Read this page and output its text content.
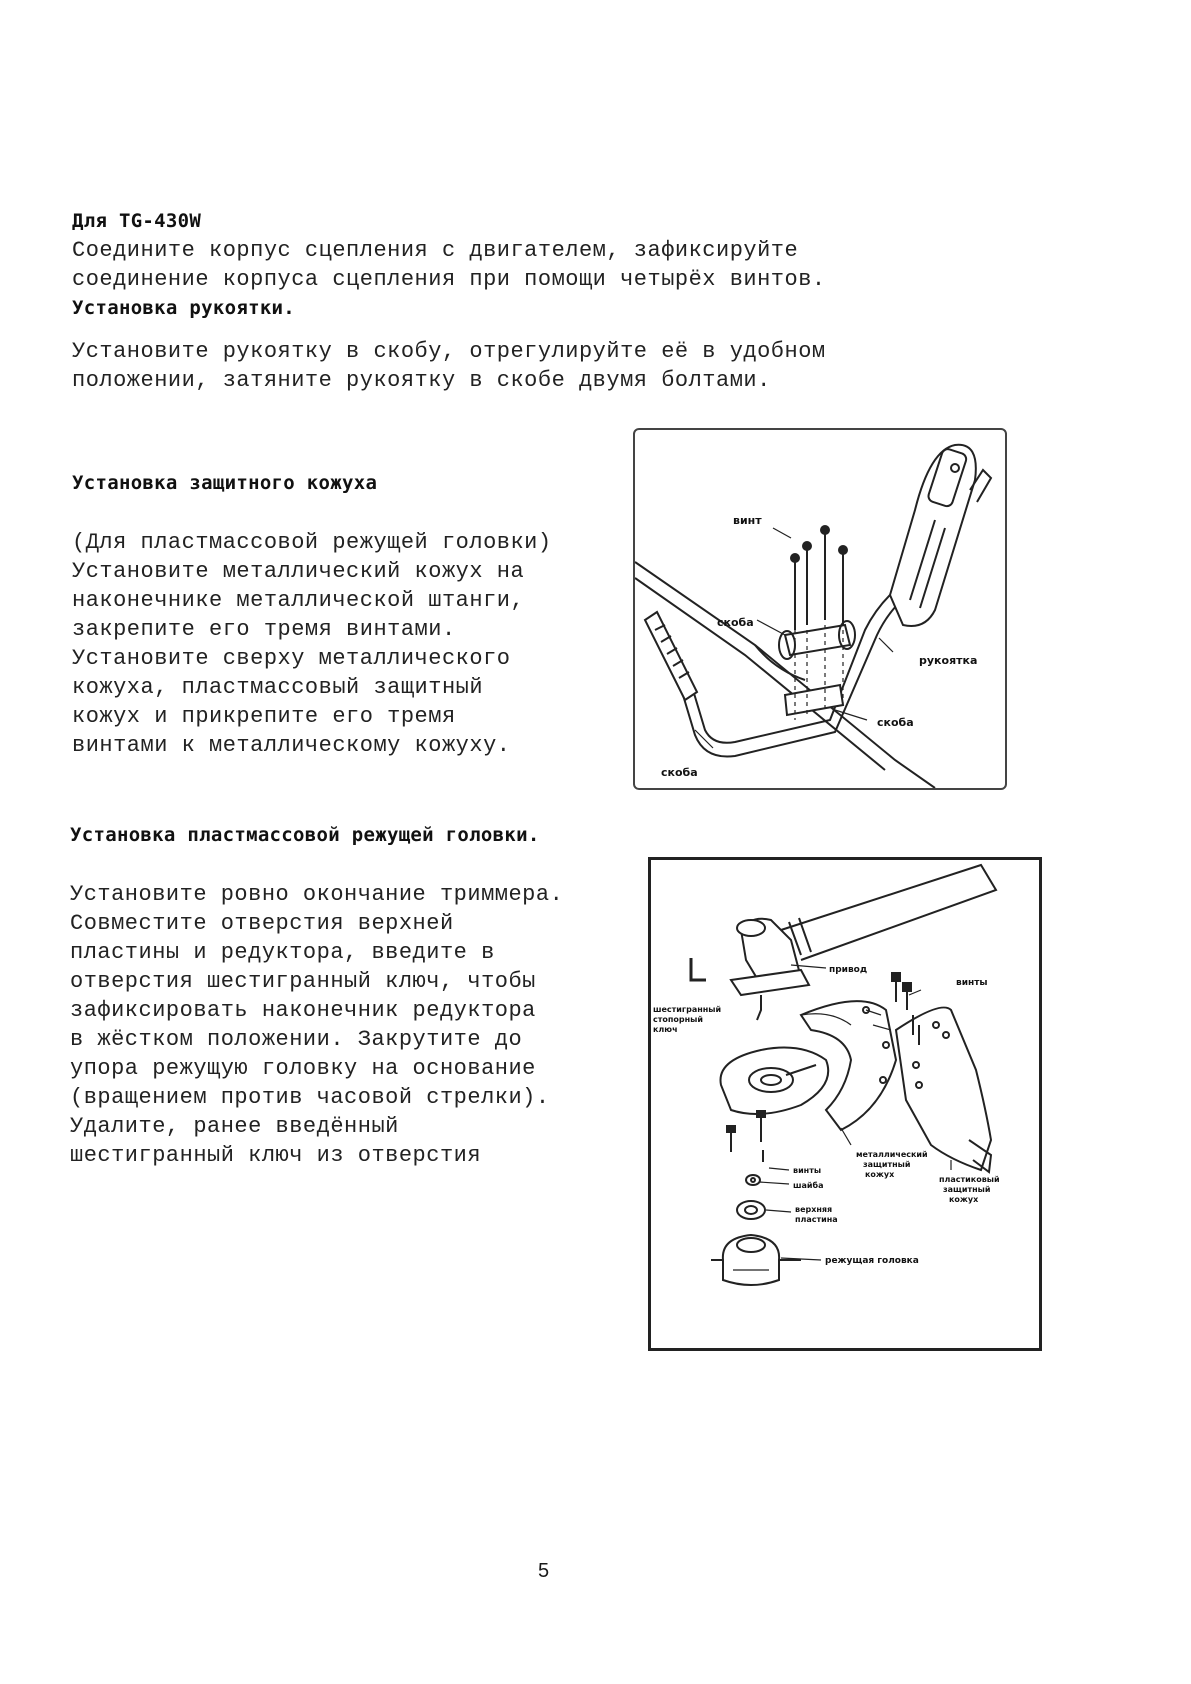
Для TG-430W
Соедините корпус сцепления с двигателем, зафиксируйте
соединение корпуса сцепления при помощи четырёх винтов.
Установка рукоятки.
Установите рукоятку в скобу, отрегулируйте её в удобном
положении, затяните рукоятку в скобе двумя болтами.
Установка защитного кожуха
(Для пластмассовой режущей головки)
Установите металлический кожух на
наконечнике металлической штанги,
закрепите его тремя винтами.
Установите сверху металлического
кожуха, пластмассовый защитный
кожух и прикрепите его тремя
винтами к металлическому кожуху.
винт
скоба
рукоятка
скоба
скоба
Установка пластмассовой режущей головки.
Установите ровно окончание триммера.
Совместите отверстия верхней
пластины и редуктора, введите в
отверстия шестигранный ключ, чтобы
зафиксировать наконечник редуктора
в жёстком положении. Закрутите до
упора режущую головку на основание
(вращением против часовой стрелки).
Удалите, ранее введённый
шестигранный ключ из отверстия
привод
винты
шестигранный
стопорный
ключ
металлический
защитный
кожух
винты
пластиковый
защитный
кожух
шайба
верхняя
пластина
режущая головка
5
